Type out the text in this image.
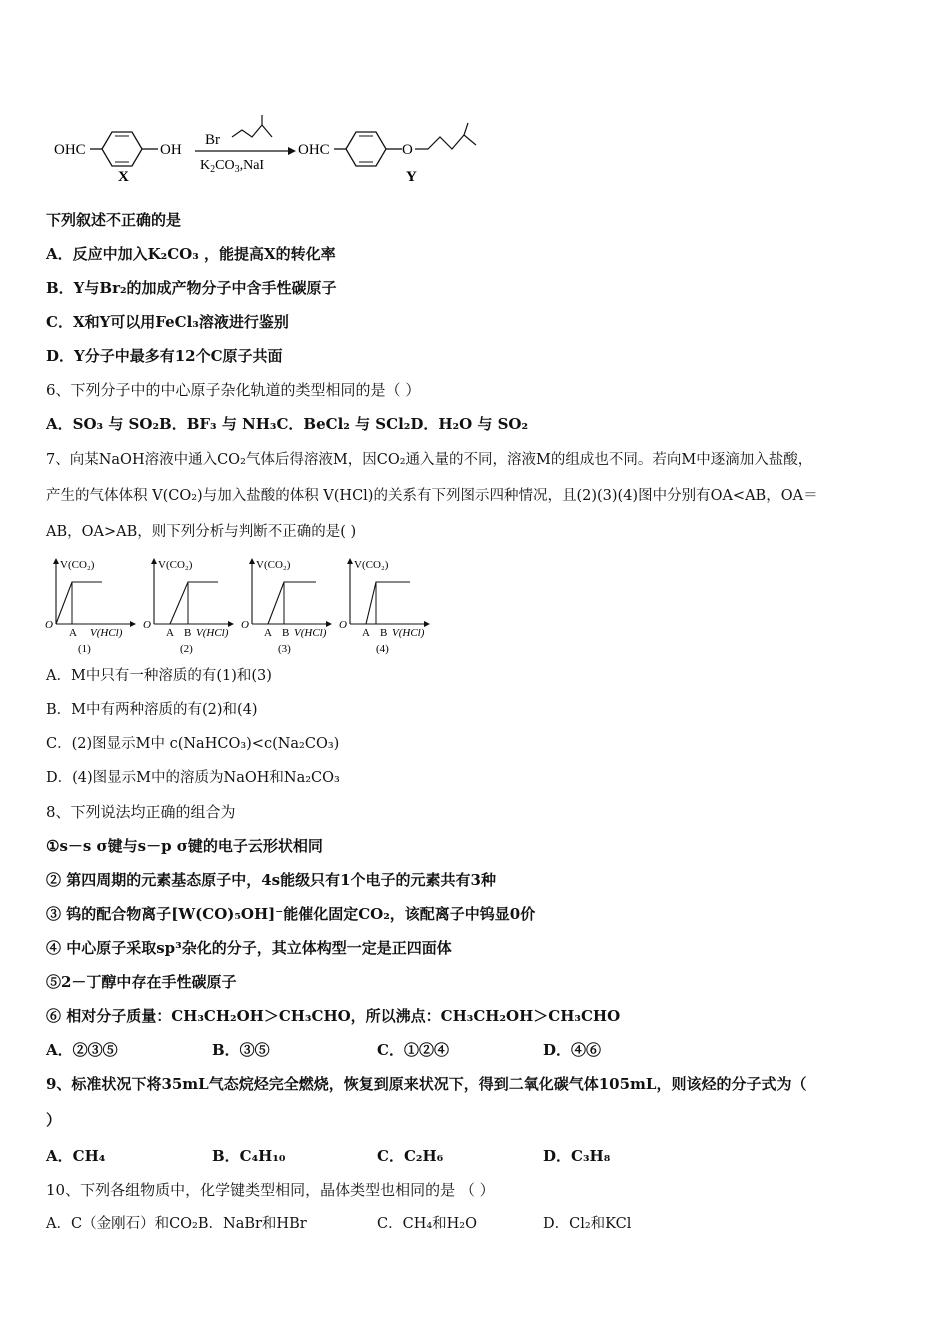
OHC	OH
X
Br
$K_2CO_3,NaI$
OHC	O
Y
下列叙述不正确的是
A．反应中加入K₂CO₃ ，能提高X的转化率
B．Y与Br₂的加成产物分子中含手性碳原子
C．X和Y可以用FeCl₃溶液进行鉴别
D．Y分子中最多有12个C原子共面
6、下列分子中的中心原子杂化轨道的类型相同的是（ ）
A．SO₃ 与 SO₂B．BF₃ 与 NH₃C．BeCl₂ 与 SCl₂D．H₂O 与 SO₂
7、向某NaOH溶液中通入CO₂气体后得溶液M，因CO₂通入量的不同，溶液M的组成也不同。若向M中逐滴加入盐酸，
产生的气体体积 V(CO₂)与加入盐酸的体积 V(HCl)的关系有下列图示四种情况，且(2)(3)(4)图中分别有OA<AB，OA＝
AB，OA>AB，则下列分析与判断不正确的是( )
V(CO₂)
O
A V(HCl)
(1)
V(CO₂)
O
A B V(HCl)
(2)
V(CO₂)
O
A B V(HCl)
(3)
V(CO₂)
O
A B V(HCl)
(4)
A．M中只有一种溶质的有(1)和(3)
B．M中有两种溶质的有(2)和(4)
C．(2)图显示M中 c(NaHCO₃)<c(Na₂CO₃)
D．(4)图显示M中的溶质为NaOH和Na₂CO₃
8、下列说法均正确的组合为
①s－s σ键与s－p σ键的电子云形状相同
② 第四周期的元素基态原子中，4s能级只有1个电子的元素共有3种
③ 钨的配合物离子[W(CO)₅OH]⁻能催化固定CO₂，该配离子中钨显0价
④ 中心原子采取sp³杂化的分子，其立体构型一定是正四面体
⑤2－丁醇中存在手性碳原子
⑥ 相对分子质量：CH₃CH₂OH＞CH₃CHO，所以沸点：CH₃CH₂OH＞CH₃CHO
A．②③⑤	B．③⑤	C．①②④	D．④⑥
9、标准状况下将35mL气态烷烃完全燃烧，恢复到原来状况下，得到二氧化碳气体105mL，则该烃的分子式为（
）
A．CH₄	B．C₄H₁₀	C．C₂H₆	D．C₃H₈
10、下列各组物质中，化学键类型相同，晶体类型也相同的是 （ ）
A．C（金刚石）和CO₂B．NaBr和HBr	C．CH₄和H₂O	D．Cl₂和KCl
